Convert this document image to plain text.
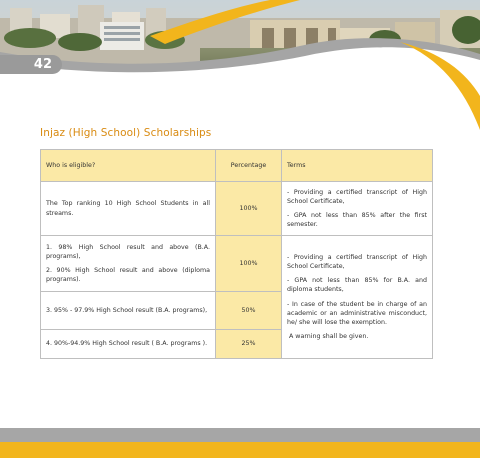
42
Injaz (High School) Scholarships
Who is eligible?	Percentage	Terms
The Top ranking 10 High School Students in all streams.	100%	- Providing a certified transcript of High School Certificate,
- GPA not less than 85% after the first semester.

1. 98% High School result and above (B.A. programs),
2. 90% High School result and above (diploma programs).	100%	- Providing a certified transcript of High School Certificate,
- GPA not less than 85% for B.A. and diploma students,
- In case of the student be in charge of an academic or an administrative misconduct, he/ she will lose the exemption.
A warning shall be given.

3. 95% - 97.9% High School result (B.A. programs),	50%	
4. 90%-94.9% High School result ( B.A. programs ).	25%	
